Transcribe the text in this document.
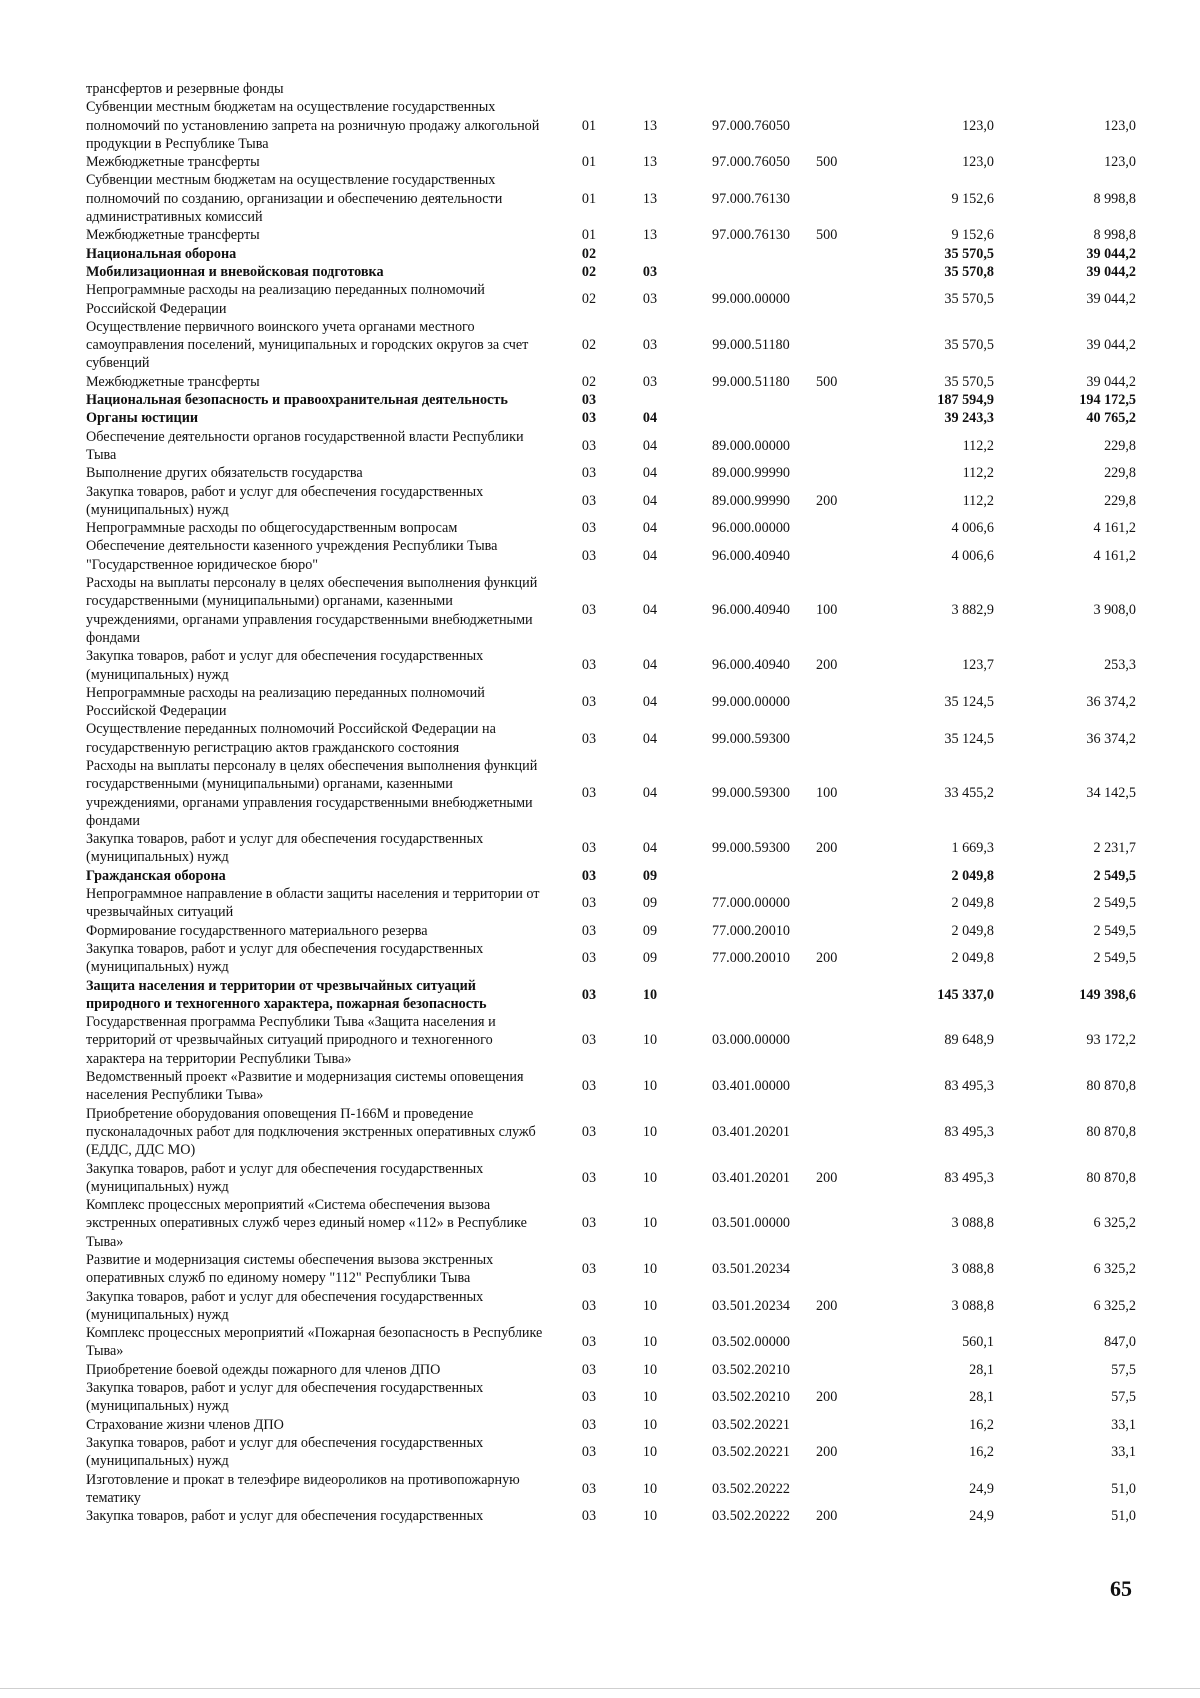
трансфертов и резервные фонды						
Субвенции местным бюджетам на осуществление государственных полномочий по установлению запрета на розничную продажу алкогольной продукции в Республике Тыва	01	13	97.000.76050		123,0	123,0
Межбюджетные трансферты	01	13	97.000.76050	500	123,0	123,0
Субвенции местным бюджетам на осуществление государственных полномочий по созданию, организации и обеспечению деятельности административных комиссий	01	13	97.000.76130		9 152,6	8 998,8
Межбюджетные трансферты	01	13	97.000.76130	500	9 152,6	8 998,8
Национальная оборона	02				35 570,5	39 044,2
Мобилизационная и вневойсковая подготовка	02	03			35 570,8	39 044,2
Непрограммные расходы на реализацию переданных полномочий Российской Федерации	02	03	99.000.00000		35 570,5	39 044,2
Осуществление первичного воинского учета органами местного самоуправления поселений, муниципальных и городских округов за счет субвенций	02	03	99.000.51180		35 570,5	39 044,2
Межбюджетные трансферты	02	03	99.000.51180	500	35 570,5	39 044,2
Национальная безопасность и правоохранительная деятельность	03				187 594,9	194 172,5
Органы юстиции	03	04			39 243,3	40 765,2
Обеспечение деятельности органов государственной власти Республики Тыва	03	04	89.000.00000		112,2	229,8
Выполнение других обязательств государства	03	04	89.000.99990		112,2	229,8
Закупка товаров, работ и услуг для обеспечения государственных (муниципальных) нужд	03	04	89.000.99990	200	112,2	229,8
Непрограммные расходы по общегосударственным вопросам	03	04	96.000.00000		4 006,6	4 161,2
Обеспечение деятельности казенного учреждения Республики Тыва "Государственное юридическое бюро"	03	04	96.000.40940		4 006,6	4 161,2
Расходы на выплаты персоналу в целях обеспечения выполнения функций государственными (муниципальными) органами, казенными учреждениями, органами управления государственными внебюджетными фондами	03	04	96.000.40940	100	3 882,9	3 908,0
Закупка товаров, работ и услуг для обеспечения государственных (муниципальных) нужд	03	04	96.000.40940	200	123,7	253,3
Непрограммные расходы на реализацию переданных полномочий Российской Федерации	03	04	99.000.00000		35 124,5	36 374,2
Осуществление переданных полномочий Российской Федерации на государственную регистрацию актов гражданского состояния	03	04	99.000.59300		35 124,5	36 374,2
Расходы на выплаты персоналу в целях обеспечения выполнения функций государственными (муниципальными) органами, казенными учреждениями, органами управления государственными внебюджетными фондами	03	04	99.000.59300	100	33 455,2	34 142,5
Закупка товаров, работ и услуг для обеспечения государственных (муниципальных) нужд	03	04	99.000.59300	200	1 669,3	2 231,7
Гражданская оборона	03	09			2 049,8	2 549,5
Непрограммное направление в области защиты населения и территории от чрезвычайных ситуаций	03	09	77.000.00000		2 049,8	2 549,5
Формирование государственного материального резерва	03	09	77.000.20010		2 049,8	2 549,5
Закупка товаров, работ и услуг для обеспечения государственных (муниципальных) нужд	03	09	77.000.20010	200	2 049,8	2 549,5
Защита населения и территории от чрезвычайных ситуаций природного и техногенного характера, пожарная безопасность	03	10			145 337,0	149 398,6
Государственная программа Республики Тыва «Защита населения и территорий от чрезвычайных ситуаций природного и техногенного характера на территории Республики Тыва»	03	10	03.000.00000		89 648,9	93 172,2
Ведомственный проект «Развитие и модернизация системы оповещения населения Республики Тыва»	03	10	03.401.00000		83 495,3	80 870,8
Приобретение оборудования оповещения П-166М и проведение пусконаладочных работ для подключения экстренных оперативных служб (ЕДДС, ДДС МО)	03	10	03.401.20201		83 495,3	80 870,8
Закупка товаров, работ и услуг для обеспечения государственных (муниципальных) нужд	03	10	03.401.20201	200	83 495,3	80 870,8
Комплекс процессных мероприятий «Система обеспечения вызова экстренных оперативных служб через единый номер «112» в Республике Тыва»	03	10	03.501.00000		3 088,8	6 325,2
Развитие и модернизация системы обеспечения вызова экстренных оперативных служб по единому номеру "112" Республики Тыва	03	10	03.501.20234		3 088,8	6 325,2
Закупка товаров, работ и услуг для обеспечения государственных (муниципальных) нужд	03	10	03.501.20234	200	3 088,8	6 325,2
Комплекс процессных мероприятий «Пожарная безопасность в Республике Тыва»	03	10	03.502.00000		560,1	847,0
Приобретение боевой одежды пожарного для членов ДПО	03	10	03.502.20210		28,1	57,5
Закупка товаров, работ и услуг для обеспечения государственных (муниципальных) нужд	03	10	03.502.20210	200	28,1	57,5
Страхование жизни членов ДПО	03	10	03.502.20221		16,2	33,1
Закупка товаров, работ и услуг для обеспечения государственных (муниципальных) нужд	03	10	03.502.20221	200	16,2	33,1
Изготовление и прокат в телеэфире видеороликов на противопожарную тематику	03	10	03.502.20222		24,9	51,0
Закупка товаров, работ и услуг для обеспечения государственных	03	10	03.502.20222	200	24,9	51,0
65
